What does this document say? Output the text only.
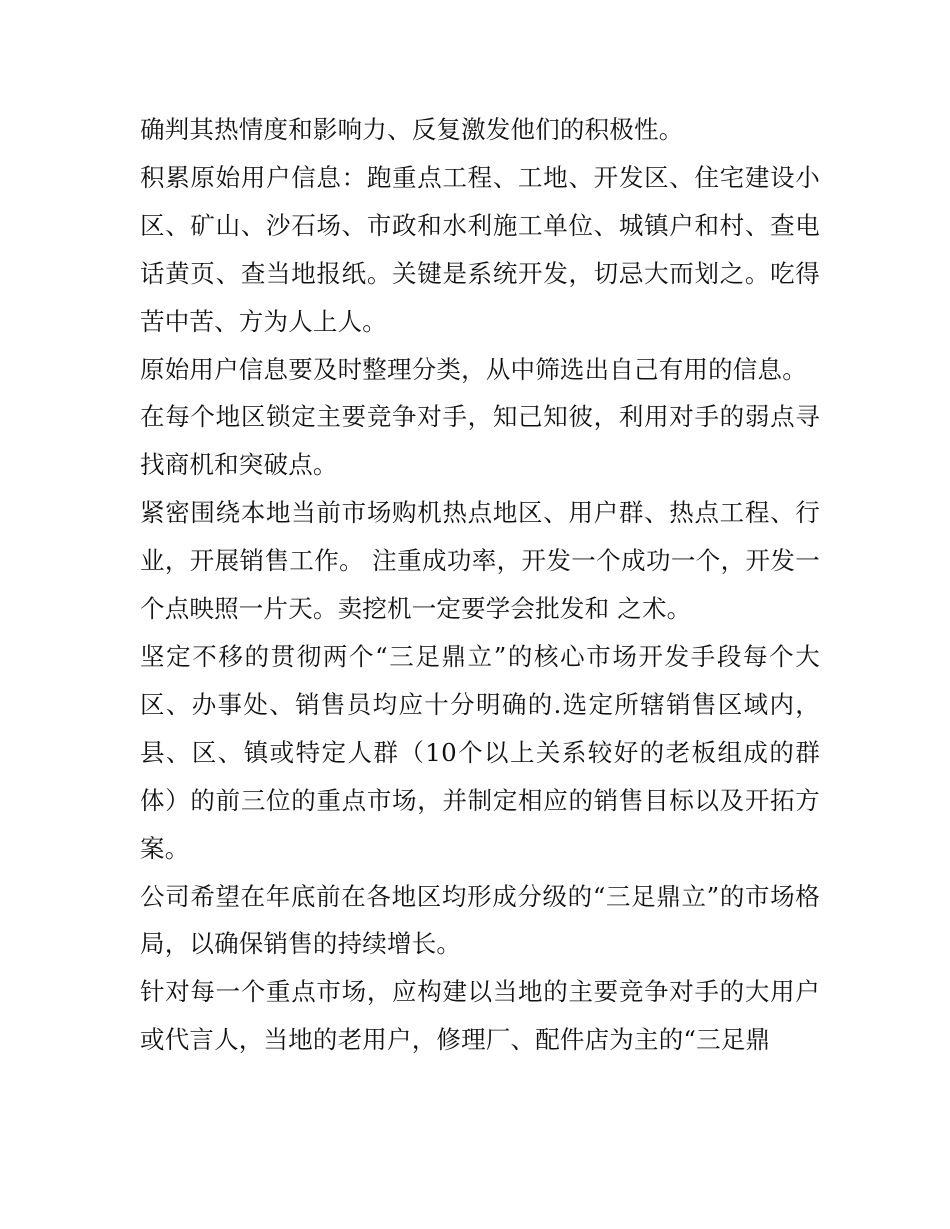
确判其热情度和影响力、反复激发他们的积极性。

积累原始用户信息：跑重点工程、工地、开发区、住宅建设小区、矿山、沙石场、市政和水利施工单位、城镇户和村、查电话黄页、查当地报纸。关键是系统开发，切忌大而划之。吃得苦中苦、方为人上人。

原始用户信息要及时整理分类，从中筛选出自己有用的信息。

在每个地区锁定主要竞争对手，知己知彼，利用对手的弱点寻找商机和突破点。

紧密围绕本地当前市场购机热点地区、用户群、热点工程、行业，开展销售工作。 注重成功率，开发一个成功一个，开发一个点映照一片天。卖挖机一定要学会批发和 之术。

坚定不移的贯彻两个“三足鼎立”的核心市场开发手段每个大区、办事处、销售员均应十分明确的.选定所辖销售区域内，县、区、镇或特定人群（10个以上关系较好的老板组成的群体）的前三位的重点市场，并制定相应的销售目标以及开拓方案。

公司希望在年底前在各地区均形成分级的“三足鼎立”的市场格局，以确保销售的持续增长。

针对每一个重点市场，应构建以当地的主要竞争对手的大用户或代言人，当地的老用户，修理厂、配件店为主的“三足鼎
